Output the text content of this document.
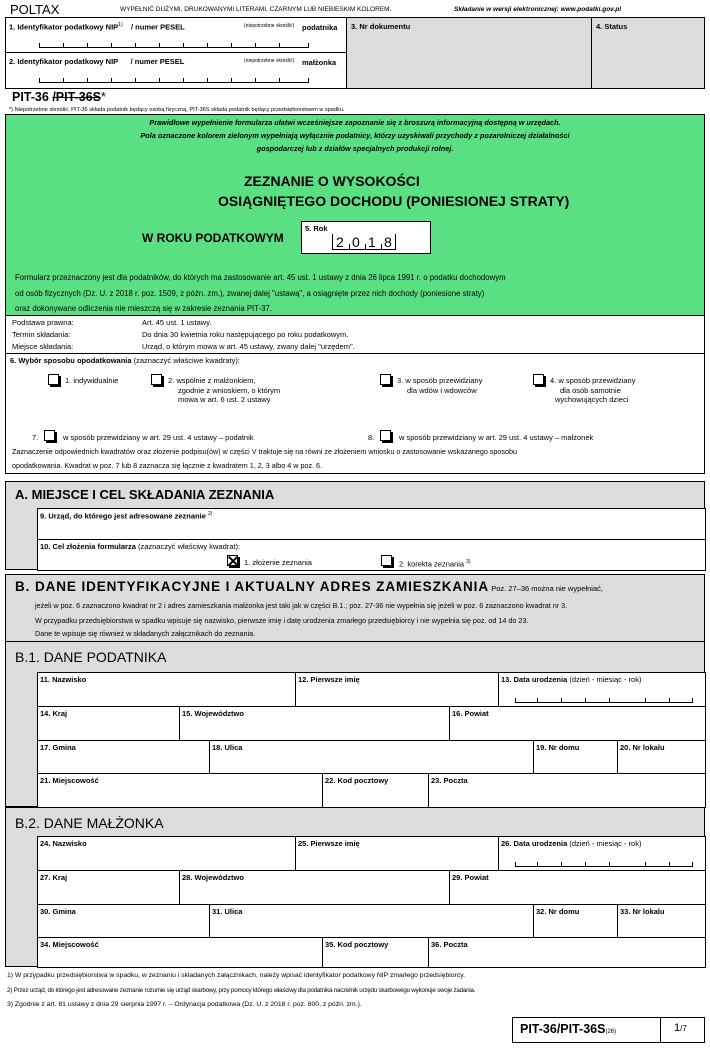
POLTAX	WYPEŁNIĆ DUŻYMI, DRUKOWANYMI LITERAMI, CZARNYM LUB NIEBIESKIM KOLOREM.	Składanie w wersji elektronicznej: www.podatki.gov.pl
1. Identyfikator podatkowy NIP$^{1)}$ / numer PESEL	(niepotrzebne skreślić) podatnika
2. Identyfikator podatkowy NIP / numer PESEL	(niepotrzebne skreślić) małżonka
3. Nr dokumentu	4. Status
PIT-36 /PIT-36S*
*) Niepotrzebne skreślić. PIT-36 składa podatnik będący osobą fizyczną, PIT-36S składa podatnik będący przedsiębiorstwem w spadku.
Prawidłowe wypełnienie formularza ułatwi wcześniejsze zapoznanie się z broszurą informacyjną dostępną w urzędach.
Pola oznaczone kolorem zielonym wypełniają wyłącznie podatnicy, którzy uzyskiwali przychody z pozarolniczej działalności
gospodarczej lub z działów specjalnych produkcji rolnej.
ZEZNANIE O WYSOKOŚCI
OSIĄGNIĘTEGO DOCHODU (PONIESIONEJ STRATY)
W ROKU PODATKOWYM
5. Rok
2 0 1 8
Formularz przeznaczony jest dla podatników, do których ma zastosowanie art. 45 ust. 1 ustawy z dnia 26 lipca 1991 r. o podatku dochodowym
od osób fizycznych (Dz. U. z 2018 r. poz. 1509, z późn. zm.), zwanej dalej "ustawą", a osiągnięte przez nich dochody (poniesione straty)
oraz dokonywane odliczenia nie mieszczą się w zakresie zeznania PIT-37.
Podstawa prawna:	Art. 45 ust. 1 ustawy.
Termin składania:	Do dnia 30 kwietnia roku następującego po roku podatkowym.
Miejsce składania:	Urząd, o którym mowa w art. 45 ustawy, zwany dalej "urzędem".
6. Wybór sposobu opodatkowania (zaznaczyć właściwe kwadraty):
1. indywidualnie	2. wspólnie z małżonkiem,
zgodnie z wnioskiem, o którym
mowa w art. 6 ust. 2 ustawy
3. w sposób przewidziany
dla wdów i wdowców
4. w sposób przewidziany
dla osób samotnie
wychowujących dzieci
7.	w sposób przewidziany w art. 29 ust. 4 ustawy – podatnik	8.	w sposób przewidziany w art. 29 ust. 4 ustawy – małżonek
Zaznaczenie odpowiednich kwadratów oraz złożenie podpisu(ów) w części V traktuje się na równi ze złożeniem wniosku o zastosowanie wskazanego sposobu
opodatkowania. Kwadrat w poz. 7 lub 8 zaznacza się łącznie z kwadratem 1, 2, 3 albo 4 w poz. 6.
A. MIEJSCE I CEL SKŁADANIA ZEZNANIA
9. Urząd, do którego jest adresowane zeznanie $^{2)}$
10. Cel złożenia formularza (zaznaczyć właściwy kwadrat):
1. złożenie zeznania	2. korekta zeznania $^{3)}$
B. DANE IDENTYFIKACYJNE I AKTUALNY ADRES ZAMIESZKANIA Poz. 27–36 można nie wypełniać,
jeżeli w poz. 6 zaznaczono kwadrat nr 2 i adres zamieszkania małżonka jest taki jak w części B.1.; poz. 27-36 nie wypełnia się jeżeli w poz. 6 zaznaczono kwadrat nr 3.
W przypadku przedsiębiorstwa w spadku wpisuje się nazwisko, pierwsze imię i datę urodzenia zmarłego przedsiębiorcy i nie wypełnia się poz. od 14 do 23.
Dane te wpisuje się również w składanych załącznikach do zeznania.
B.1. DANE PODATNIKA
11. Nazwisko	12. Pierwsze imię	13. Data urodzenia (dzień - miesiąc - rok)
14. Kraj	15. Województwo	16. Powiat
17. Gmina	18. Ulica	19. Nr domu	20. Nr lokalu
21. Miejscowość	22. Kod pocztowy	23. Poczta
B.2. DANE MAŁŻONKA
24. Nazwisko	25. Pierwsze imię	26. Data urodzenia (dzień - miesiąc - rok)
27. Kraj	28. Województwo	29. Powiat
30. Gmina	31. Ulica	32. Nr domu	33. Nr lokalu
34. Miejscowość	35. Kod pocztowy	36. Poczta
1) W przypadku przedsiębiorstwa w spadku, w zeznaniu i składanych załącznikach, należy wpisać identyfikator podatkowy NIP zmarłego przedsiębiorcy.
2) Przez urząd, do którego jest adresowane zeznanie rozumie się urząd skarbowy, przy pomocy którego właściwy dla podatnika naczelnik urzędu skarbowego wykonuje swoje zadania.
3) Zgodnie z art. 81 ustawy z dnia 29 sierpnia 1997 r. – Ordynacja podatkowa (Dz. U. z 2018 r. poz. 800, z późn. zm.).
PIT-36/PIT-36S(26)	1/7
